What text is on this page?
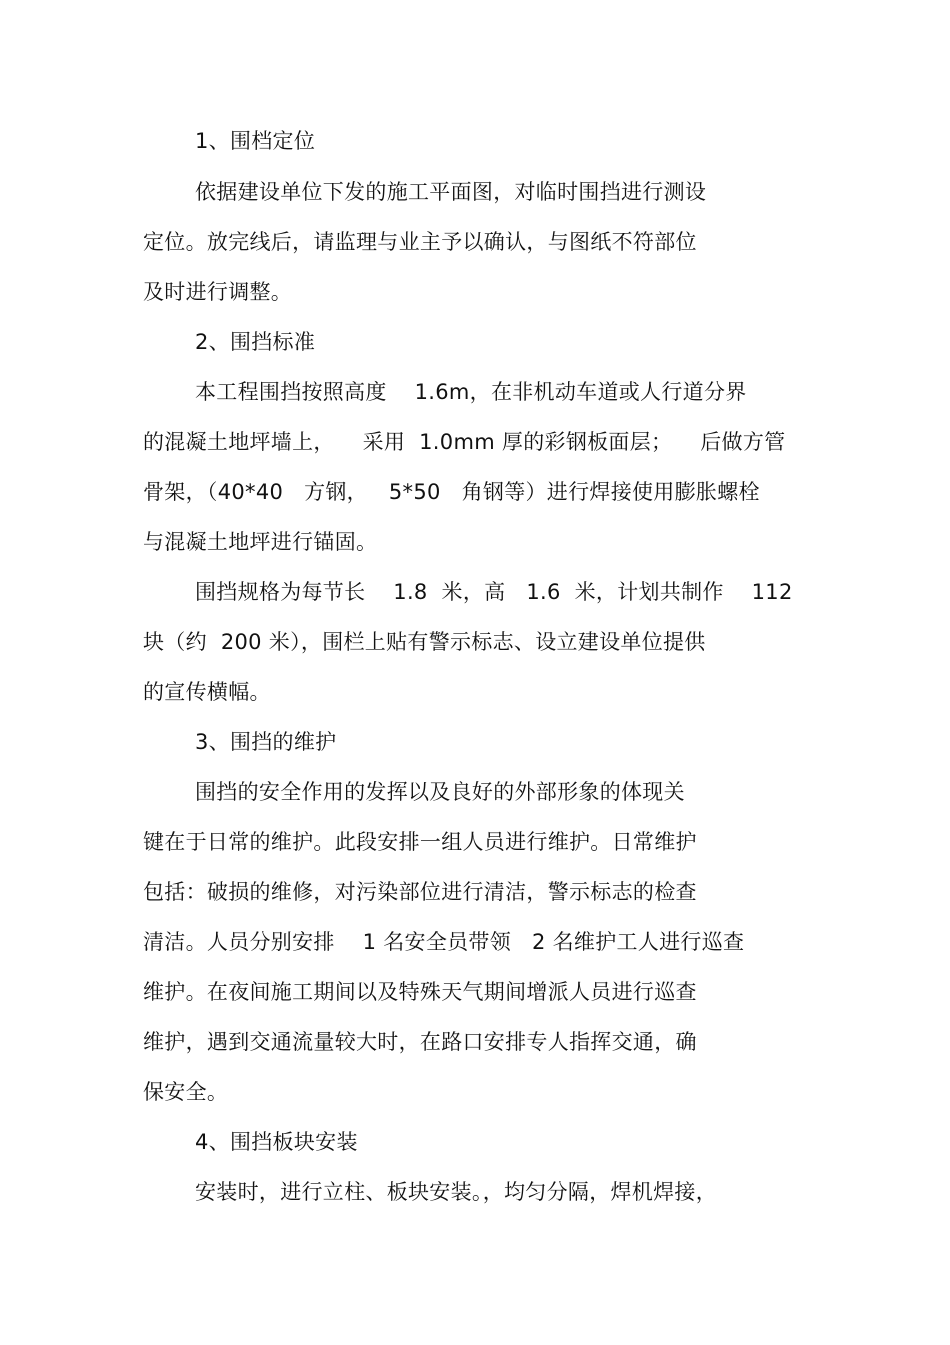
1、围档定位
依据建设单位下发的施工平面图，对临时围挡进行测设
定位。放完线后，请监理与业主予以确认，与图纸不符部位
及时进行调整。
2、围挡标准
本工程围挡按照高度    1.6m，在非机动车道或人行道分界
的混凝土地坪墙上，    采用  1.0mm 厚的彩钢板面层；    后做方管
骨架，（40*40   方钢，   5*50   角钢等）进行焊接使用膨胀螺栓
与混凝土地坪进行锚固。
围挡规格为每节长    1.8  米，高   1.6  米，计划共制作    112
块（约  200 米），围栏上贴有警示标志、设立建设单位提供
的宣传横幅。
3、围挡的维护
围挡的安全作用的发挥以及良好的外部形象的体现关
键在于日常的维护。此段安排一组人员进行维护。日常维护
包括：破损的维修，对污染部位进行清洁，警示标志的检查
清洁。人员分别安排    1 名安全员带领   2 名维护工人进行巡查
维护。在夜间施工期间以及特殊天气期间增派人员进行巡查
维护，遇到交通流量较大时，在路口安排专人指挥交通，确
保安全。
4、围挡板块安装
安装时，进行立柱、板块安装。，均匀分隔，焊机焊接，
